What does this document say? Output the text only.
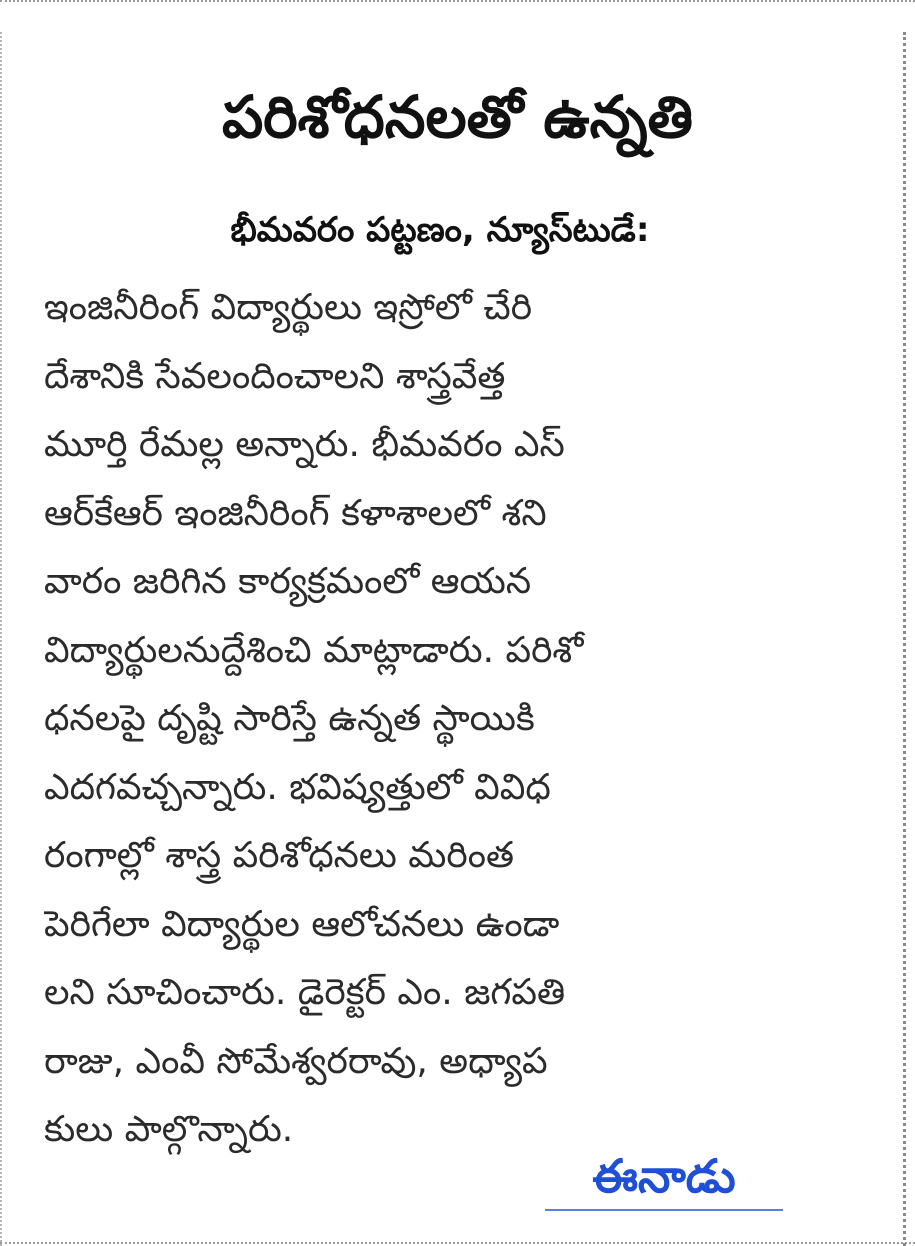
పరిశోధనలతో ఉన్నతి

భీమవరం పట్టణం, న్యూస్‌టుడే:

ఇంజినీరింగ్ విద్యార్థులు ఇస్రోలో చేరి
దేశానికి సేవలందించాలని శాస్త్రవేత్త
మూర్తి రేమల్ల అన్నారు. భీమవరం ఎస్
ఆర్‌కేఆర్ ఇంజినీరింగ్ కళాశాలలో శని
వారం జరిగిన కార్యక్రమంలో ఆయన
విద్యార్థులనుద్దేశించి మాట్లాడారు. పరిశో
ధనలపై దృష్టి సారిస్తే ఉన్నత స్థాయికి
ఎదగవచ్చన్నారు. భవిష్యత్తులో వివిధ
రంగాల్లో శాస్త్ర పరిశోధనలు మరింత
పెరిగేలా విద్యార్థుల ఆలోచనలు ఉండా
లని సూచించారు. డైరెక్టర్ ఎం. జగపతి
రాజు, ఎంవీ సోమేశ్వరరావు, అధ్యాప
కులు పాల్గొన్నారు.
ఈనాడు
